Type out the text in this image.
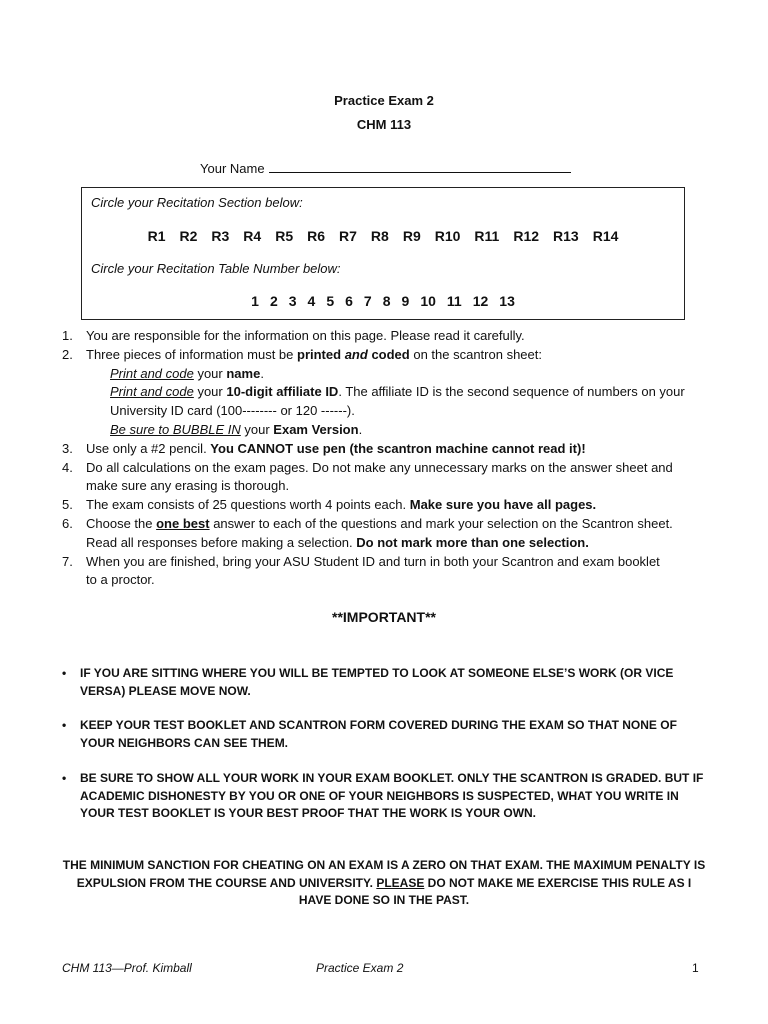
Practice Exam 2
CHM 113
Your Name
Circle your Recitation Section below:
R1 R2 R3 R4 R5 R6 R7 R8 R9 R10 R11 R12 R13 R14
Circle your Recitation Table Number below:
1 2 3 4 5 6 7 8 9 10 11 12 13
1. You are responsible for the information on this page. Please read it carefully.
2. Three pieces of information must be printed and coded on the scantron sheet:
Print and code your name.
Print and code your 10-digit affiliate ID. The affiliate ID is the second sequence of numbers on your
University ID card (100-------- or 120 ------).
Be sure to BUBBLE IN your Exam Version.
3. Use only a #2 pencil. You CANNOT use pen (the scantron machine cannot read it)!
4. Do all calculations on the exam pages. Do not make any unnecessary marks on the answer sheet and
make sure any erasing is thorough.
5. The exam consists of 25 questions worth 4 points each. Make sure you have all pages.
6. Choose the one best answer to each of the questions and mark your selection on the Scantron sheet.
Read all responses before making a selection. Do not mark more than one selection.
7. When you are finished, bring your ASU Student ID and turn in both your Scantron and exam booklet
to a proctor.
**IMPORTANT**
•	IF YOU ARE SITTING WHERE YOU WILL BE TEMPTED TO LOOK AT SOMEONE ELSE’S WORK (OR VICE VERSA) PLEASE MOVE NOW.
•	KEEP YOUR TEST BOOKLET AND SCANTRON FORM COVERED DURING THE EXAM SO THAT NONE OF YOUR NEIGHBORS CAN SEE THEM.
•	BE SURE TO SHOW ALL YOUR WORK IN YOUR EXAM BOOKLET. ONLY THE SCANTRON IS GRADED. BUT IF ACADEMIC DISHONESTY BY YOU OR ONE OF YOUR NEIGHBORS IS SUSPECTED, WHAT YOU WRITE IN YOUR TEST BOOKLET IS YOUR BEST PROOF THAT THE WORK IS YOUR OWN.
THE MINIMUM SANCTION FOR CHEATING ON AN EXAM IS A ZERO ON THAT EXAM. THE MAXIMUM PENALTY IS EXPULSION FROM THE COURSE AND UNIVERSITY. PLEASE DO NOT MAKE ME EXERCISE THIS RULE AS I HAVE DONE SO IN THE PAST.
CHM 113—Prof. Kimball	Practice Exam 2	1
